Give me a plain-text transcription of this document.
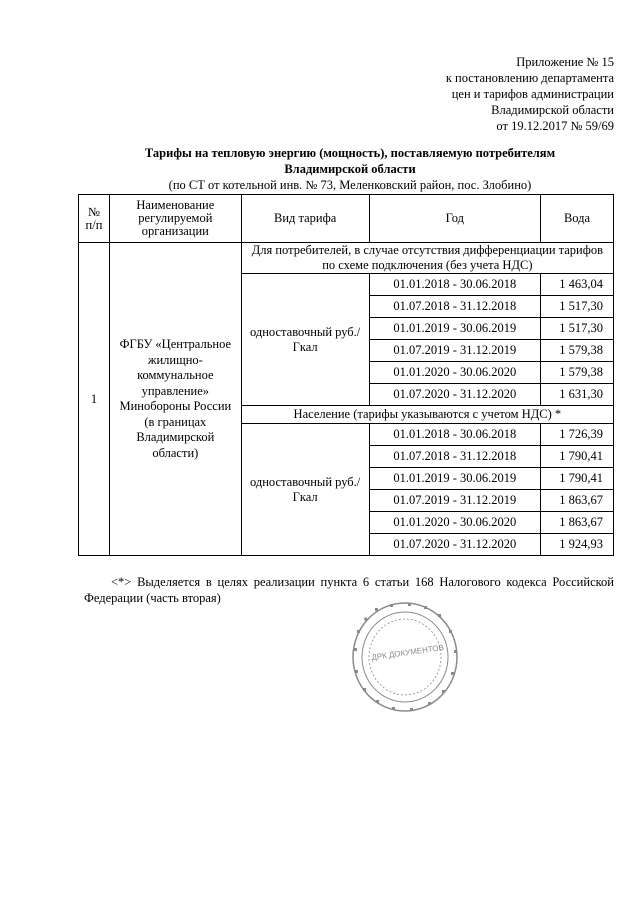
Приложение № 15
к постановлению департамента
цен и тарифов администрации
Владимирской области
от 19.12.2017 № 59/69
Тарифы на тепловую энергию (мощность), поставляемую потребителям
Владимирской области
(по СТ от котельной инв. № 73, Меленковский район, пос. Злобино)
№ п/п	Наименование регулируемой организации	Вид тарифа	Год	Вода
1	ФГБУ «Центральное жилищно-коммунальное управление» Минобороны России (в границах Владимирской области)	Для потребителей, в случае отсутствия дифференциации тарифов по схеме подключения (без учета НДС)		
		одноставочный руб./Гкал	01.01.2018 - 30.06.2018	1 463,04
			01.07.2018 - 31.12.2018	1 517,30
			01.01.2019 - 30.06.2019	1 517,30
			01.07.2019 - 31.12.2019	1 579,38
			01.01.2020 - 30.06.2020	1 579,38
			01.07.2020 - 31.12.2020	1 631,30
		Население (тарифы указываются с учетом НДС) *		
		одноставочный руб./Гкал	01.01.2018 - 30.06.2018	1 726,39
			01.07.2018 - 31.12.2018	1 790,41
			01.01.2019 - 30.06.2019	1 790,41
			01.07.2019 - 31.12.2019	1 863,67
			01.01.2020 - 30.06.2020	1 863,67
			01.07.2020 - 31.12.2020	1 924,93
<*> Выделяется в целях реализации пункта 6 статьи 168 Налогового кодекса Российской Федерации (часть вторая)
ДРК ДОКУМЕНТОВ
